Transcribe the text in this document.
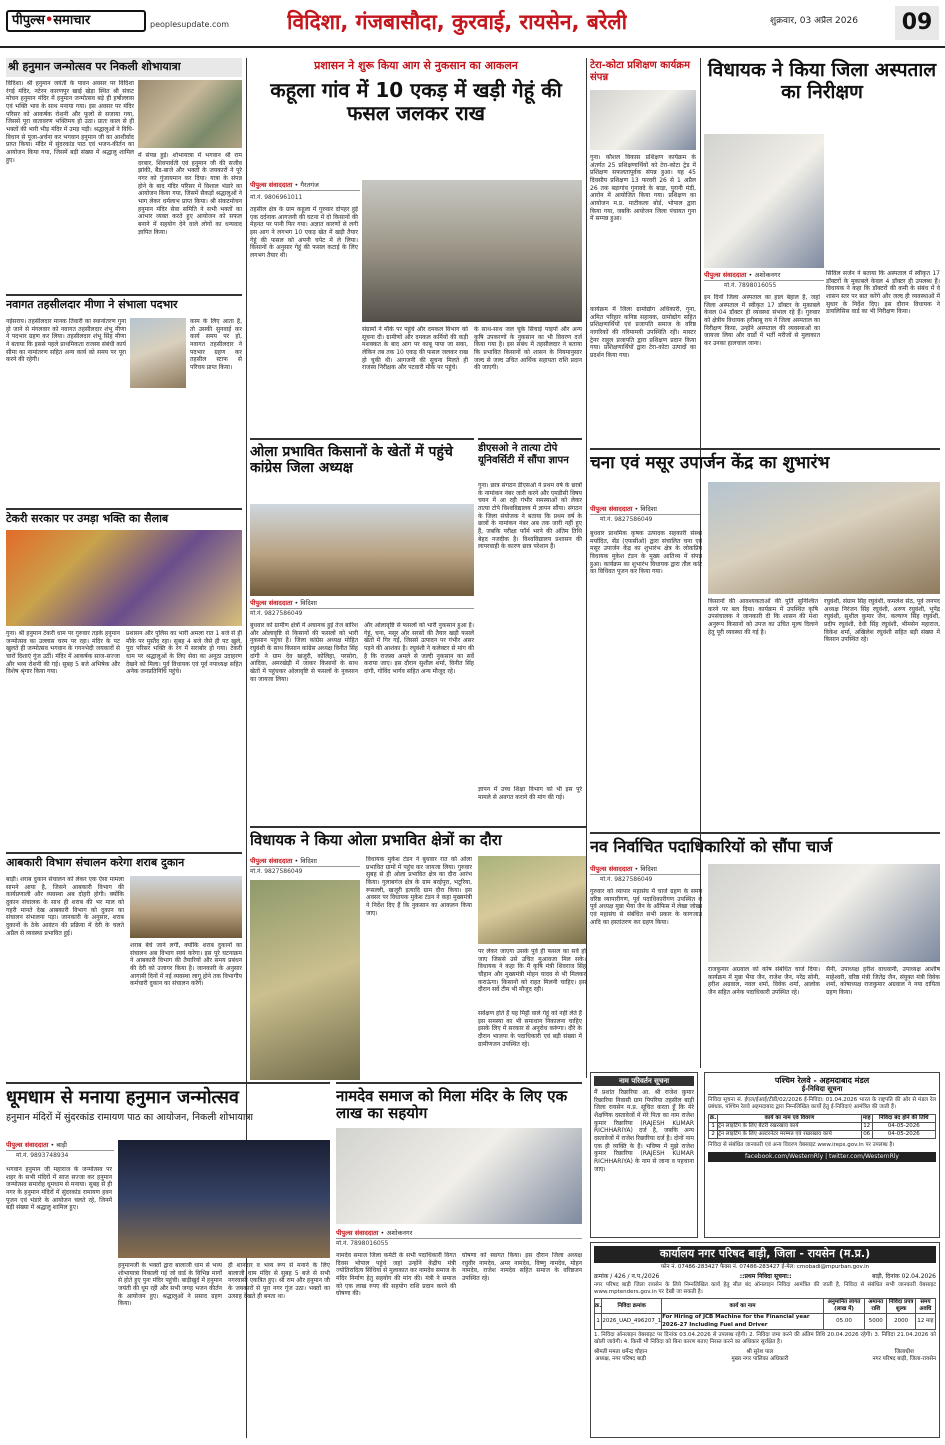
पीपुल्स•समाचार	peoplesupdate.com	विदिशा, गंजबासौदा, कुरवाई, रायसेन, बरेली	शुक्रवार, 03 अप्रैल 2026	09
श्री हनुमान जन्मोत्सव पर निकली शोभायात्रा
विदिशा। श्री हनुमान जयंती के पावन अवसर पर विदिशा रंगई मंदिर, नटेरन कारणपुर खाई खेड़ा स्थित श्री संकट मोचन हनुमान मंदिर में हनुमान जन्मोत्सव बड़े ही हर्षोल्लास एवं भक्ति भाव के साथ मनाया गया। इस अवसर पर मंदिर परिसर को आकर्षक रोशनी और फूलों से सजाया गया, जिससे पूरा वातावरण भक्तिमय हो उठा। प्रातः काल से ही भक्तों की भारी भीड़ मंदिर में उमड़ पड़ी। श्रद्धालुओं ने विधि-विधान से पूजा-अर्चना कर भगवान हनुमान जी का आशीर्वाद प्राप्त किया। मंदिर में सुंदरकांड पाठ एवं भजन-कीर्तन का आयोजन किया गया, जिसमें बड़ी संख्या में श्रद्धालु शामिल हुए।
में संपन्न हुई। शोभायात्रा में भगवान श्री राम दरबार, शिवपार्वती एवं हनुमान जी की सजीव झांकी, बैंड-बाजे और भक्तों के जयकारों ने पूरे नगर को गुंजायमान कर दिया। यात्रा के संपन्न होने के बाद मंदिर परिसर में विशाल भंडारे का आयोजन किया गया, जिसमें सैकड़ों श्रद्धालुओं ने भाग लेकर धर्मलाभ प्राप्त किया। श्री संकटमोचन हनुमान मंदिर सेवा समिति ने सभी भक्तों का आभार व्यक्त करते हुए आयोजन को सफल बनाने में सहयोग देने वाले लोगों का धन्यवाद ज्ञापित किया।
नवागत तहसीलदार मीणा ने संभाला पदभार
नईसराय। तहसीलदार मानक तिवारी का स्थानांतरण गुना हो जाने से मंगलवार को नवागत तहसीलदार शंभू मीणा ने पदभार ग्रहण कर लिया। तहसीलदार शंभू सिंह मीणा ने बताया कि इससे पहले प्राथमिकता राजस्व संबंधी कार्य सीमा का नामांतरण सहित अन्य कार्य को समय पर पूरा करने की रहेगी।
काम के लिए आता है, तो उसकी सुनवाई कर कार्य समय पर हो, नवागत तहसीलदार ने पदभार ग्रहण कर तहसील स्टाफ से परिचय प्राप्त किया।
टेकरी सरकार पर उमड़ा भक्ति का सैलाब
गुना। श्री हनुमान टेकरी धाम पर गुरुवार तड़के हनुमान जन्मोत्सव का उल्लास चरम पर रहा। मंदिर के पट खुलते ही जन्मोत्सव भगवान के गगनभेदी जयकारों से चारों दिशाएं गूंज उठीं। मंदिर में आकर्षक साज-सज्जा और भव्य रोशनी की गई। सुबह 5 बजे अभिषेक और विशेष श्रृंगार किया गया।
प्रशासन और पुलिस का भारी अमला रात 1 बजे से ही मौके पर मुस्तैद रहा। सुबह 4 बजे जैसे ही पट खुले, पूरा परिसर भक्ति के रंग में सराबोर हो गया। टेकरी धाम पर श्रद्धालुओं के लिए सेवा का अनूठा उदाहरण देखने को मिला। पूर्व विधायक एवं पूर्व नपाध्यक्ष सहित अनेक जनप्रतिनिधि पहुंचे।
आबकारी विभाग संचालन करेगा शराब दुकान
बाड़ी। शराब दुकान संचालन को लेकर एक ऐसा मामला सामने आया है, जिसने आबकारी विभाग की कार्यप्रणाली और व्यवस्था अब दोहरी होगी। क्योंकि दुकान संचालक के साथ ही शराब की भर माल को गहरी मानते देख आबकारी विभाग को दुकान का संचालन संभालना पड़ा। जानकारी के अनुसार, शराब दुकानों के ठेके आवंटन की प्रक्रिया में देरी के चलते अप्रैल से व्यवस्था प्रभावित हुई।
शराब बेचे जाने लगी, क्योंकि शराब दुकानों का संचालन अब विभाग स्वयं करेगा। इस पूरे घटनाक्रम ने आबकारी विभाग की तैयारियों और समय प्रबंधन की देरी को उजागर किया है। जानकारी के अनुसार आगामी दिनों में नई व्यवस्था लागू होने तक विभागीय कर्मचारी दुकान का संचालन करेंगे।
प्रशासन ने शुरू किया आग से नुकसान का आकलन
कहूला गांव में 10 एकड़ में खड़ी गेहूं की फसल जलकर राख
पीपुल्स संवाददाता • गैरतगंज
मो.नं. 9806961011
तहसील क्षेत्र के ग्राम कहूला में गुरुवार दोपहर हुई एक दर्दनाक आगजनी की घटना में दो किसानों की मेहनत पर पानी फिर गया। अज्ञात कारणों से लगी इस आग ने लगभग 10 एकड़ खेत में खड़ी तैयार गेहूं की फसल को अपनी चपेट में ले लिया। किसानों के अनुसार गेहूं की फसल कटाई के लिए लगभग तैयार थी।
संग्रामों ने मौके पर पहुंचे और दमकल विभाग को सूचना दी। ग्रामीणों और दमकल कर्मियों की कड़ी मशक्कत के बाद आग पर काबू पाया जा सका, लेकिन तब तक 10 एकड़ की फसल जलकर राख हो चुकी थी। आगजनी की सूचना मिलते ही राजस्व निरीक्षक और पटवारी मौके पर पहुंचे।
के साथ-साथ जल चुके सिंचाई पाइपों और अन्य कृषि उपकरणों के नुकसान का भी विवरण दर्ज किया गया है। इस संबंध में तहसीलदार ने बताया कि प्रभावित किसानों को शासन के नियमानुसार जल्द से जल्द उचित आर्थिक सहायता राशि प्रदान की जाएगी।
ओला प्रभावित किसानों के खेतों में पहुंचे कांग्रेस जिला अध्यक्ष
पीपुल्स संवाददाता • विदिशा
मो.नं. 9827586049
बुधवार को ग्रामीण क्षेत्रों में अचानक हुई तेज बारिश और ओलावृष्टि से किसानों की फसलों को भारी नुकसान पहुंचा है। जिला कांग्रेस अध्यक्ष मोहित रघुवंशी के साथ किसान कांग्रेस अध्यक्ष विनीत सिंह दांगी ने ग्राम देव खजूरी, कोलिहा, परसोरा, आदिवा, अमरखेड़ी में जाकर किसानों के साथ खेतों में पहुंचकर ओलावृष्टि से फसलों के नुकसान का जायजा लिया।
और ओलावृष्टि से फसलों को भारी नुकसान हुआ है। गेहूं, चना, मसूर और सरसों की तैयार खड़ी फसलें खेतों में गिर गईं, जिससे उत्पादन पर गंभीर असर पड़ने की आशंका है। रघुवंशी ने कलेक्टर से मांग की है कि राजस्व अमले से जल्दी नुकसान का सर्वे कराया जाए। इस दौरान सुशील शर्मा, विनीत सिंह दांगी, गोविंद भार्गव सहित अन्य मौजूद रहे।
डीएसओ ने तात्या टोपे यूनिवर्सिटी में सौंपा ज्ञापन
गुना। छात्र संगठन डीएसओ ने प्रथम वर्ष के छात्रों के नामांकन नंबर जारी करने और एमडीसी विषय चयन में आ रही गंभीर समस्याओं को लेकर तात्या टोपे विश्वविद्यालय में ज्ञापन सौंपा। संगठन के जिला संयोजक ने बताया कि प्रथम वर्ष के छात्रों के नामांकन नंबर अब तक जारी नहीं हुए हैं, जबकि परीक्षा फॉर्म भरने की अंतिम तिथि बेहद नजदीक है। विश्वविद्यालय प्रशासन की लापरवाही के कारण छात्र परेशान हैं।
ज्ञापन में उच्च शिक्षा विभाग को भी इस पूरे मामले से अवगत कराने की मांग की गई।
टेरा-कोटा प्रशिक्षण कार्यक्रम संपन्न
गुना। कौशल विकास प्रशिक्षण कार्यक्रम के अंतर्गत 25 प्रशिक्षणार्थियों को टेरा-कोटा ट्रेड में प्रशिक्षण सफलतापूर्वक संपन्न हुआ। यह 45 दिवसीय प्रशिक्षण 13 फरवरी 26 से 1 अप्रैल 26 तक बड़ागांव गुनावदे के बाड़ा, पुरानी मंडी, आरोन में आयोजित किया गया। प्रशिक्षण का आयोजन म.प्र. माटीकला बोर्ड, भोपाल द्वारा किया गया, जबकि आयोजन जिला पंचायत गुना में सम्पन्न हुआ।
कार्यक्रम में जिला ग्रामोद्योग अधिकारी, गुना, अमित परिहार कनिष्ठ सहायक, ग्रामोद्योग सहित प्रशिक्षणार्थियों एवं प्रजापति समाज के वरिष्ठ नागरिकों की गरिमामयी उपस्थिति रही। मास्टर ट्रेनर राहुल प्रजापति द्वारा प्रशिक्षण प्रदान किया गया। प्रशिक्षणार्थियों द्वारा टेरा-कोटा उत्पादों का प्रदर्शन किया गया।
विधायक ने किया जिला अस्पताल का निरीक्षण
पीपुल्स संवाददाता • अशोकनगर
मो.नं. 7898016055
इन दिनों जिला अस्पताल का हाल बेहाल है, जहां जिला अस्पताल में स्वीकृत 17 डॉक्टर के मुकाबले केवल 04 डॉक्टर ही व्यवस्था संभाल रहे हैं। गुरुवार को क्षेत्रीय विधायक हरीबाबू राय ने जिला अस्पताल का निरीक्षण किया, उन्होंने अस्पताल की व्यवस्थाओं का जायजा लिया और वार्डों में भर्ती मरीजों से मुलाकात कर उनका हालचाल जाना।
सिविल सर्जन ने बताया कि अस्पताल में स्वीकृत 17 डॉक्टरों के मुकाबले केवल 4 डॉक्टर ही उपलब्ध हैं। विधायक ने कहा कि डॉक्टरों की कमी के संबंध में वे शासन स्तर पर बात करेंगे और जल्द ही व्यवस्थाओं में सुधार के निर्देश दिए। इस दौरान विधायक ने डायलिसिस वार्ड का भी निरीक्षण किया।
चना एवं मसूर उपार्जन केंद्र का शुभारंभ
पीपुल्स संवाददाता • विदिशा
मो.नं. 9827586049
बुधवार प्राथमिक कृषक उत्पादक सहकारी संस्था मर्यादित, सेंड (एफसीओ) द्वारा संचालित चना एवं मसूर उपार्जन केंद्र का शुभारंभ क्षेत्र के लोकप्रिय विधायक मुकेश टंडन के मुख्य आतिथ्य में संपन्न हुआ। कार्यक्रम का शुभारंभ विधायक द्वारा तौल कांटे का विधिवत पूजन कर किया गया।
किसानों की आवश्यकताओं की पूर्ति सुनिश्चित करने पर बल दिया। कार्यक्रम में उपस्थित कृषि उपसंचालक ने जानकारी दी कि शासन की मंशा अनुरूप किसानों को उपज का उचित मूल्य दिलाने हेतु पूरी व्यवस्था की गई है।
रघुवंशी, संग्राम सिंह रघुवंशी, कमलेश सेठ, पूर्व जनपद अध्यक्ष निरंजन सिंह रघुवंशी, अरुण रघुवंशी, भूपेंद्र रघुवंशी, सुशील कुमार जैन, कल्याण सिंह रघुवंशी, प्रदीप रघुवंशी, देवी सिंह रघुवंशी, भीमसेन महाराज, विकेश शर्मा, अखिलेश रघुवंशी सहित बड़ी संख्या में किसान उपस्थित रहे।
विधायक ने किया ओला प्रभावित क्षेत्रों का दौरा
पीपुल्स संवाददाता • विदिशा
मो.नं. 9827586049
विधायक मुकेश टंडन ने बुधवार रात को ओला प्रभावित ग्रामों में पहुंच कर जायजा लिया। गुरुवार सुबह से ही ओला प्रभावित क्षेत्र का दौरा आरंभ किया। गुलाबगंज क्षेत्र के ग्राम बरईपुरा, भटूरिया, रूसल्ली, खजूरी इत्यादि ग्राम दौरा किया। इस अवसर पर विधायक मुकेश टंडन ने कहा मुख्यमंत्री ने निर्देश दिए हैं कि नुकसान का आकलन किया जाए।
पर लेकर जाएगा उसके पूर्व ही फसल का सर्वे हो जाए जिससे उसे उचित मुआवजा मिल सके। विधायक ने कहा कि मैं कृषि मंत्री शिवराज सिंह चौहान और मुख्यमंत्री मोहन यादव से भी मिलकर कराऊंगा। किसानों को राहत मिलनी चाहिए। इस दौरान सर्वे टीम भी मौजूद रही।
सर्वेक्षण होते हैं यह मिट्टी वाले गेहूं को नहीं लेते हैं इस समस्या का भी समाधान निकालना चाहिए इसके लिए में सरकार से अनुरोध करूंगा। दौरे के दौरान भाजपा के पदाधिकारी एवं बड़ी संख्या में ग्रामीणजन उपस्थित रहे।
नव निर्वाचित पदाधिकारियों को सौंपा चार्ज
पीपुल्स संवाददाता • विदिशा
मो.नं. 9827586049
गुरुवार को व्यापार महासंघ में चार्ज ग्रहण के समय वरिष्ठ व्यापारीगण, पूर्व पदाधिकारीगण उपस्थित थे पूर्व अध्यक्ष मुन्ना भैया जैन के ऑफिस में लेखा जोखा एवं महासंघ से संबंधित सभी प्रकार के कागजात आदि का हस्तांतरण कर ग्रहण किया।
राजकुमार अग्रवाल को कोष संबंधित चार्ज दिया। कार्यक्रम में मुन्ना भैया जैन, राजेश जैन, नरेंद्र सोनी, हरीश अग्रवाल, नवल शर्मा, विवेक शर्मा, आलोक जैन सहित अनेक पदाधिकारी उपस्थित रहे।
सैनी, उपाध्यक्ष हरीश वाधवानी, उपाध्यक्ष आशीष माहेश्वरी, वरिष्ठ मंत्री जितेंद्र जैन, संयुक्त मंत्री विवेक शर्मा, कोषाध्यक्ष राजकुमार अग्रवाल ने नया दायित्व ग्रहण किया।
धूमधाम से मनाया हनुमान जन्मोत्सव
हनुमान मंदिरों में सुंदरकांड रामायण पाठ का आयोजन, निकली शोभायात्रा
पीपुल्स संवाददाता • बाड़ी
मो.नं. 9893748934
भगवान हनुमान जी महाराज के जन्मोत्सव पर शहर के सभी मंदिरों में साज सज्जा कर हनुमान जन्मोत्सव समारोह धूमधाम से मनाया। सुबह से ही नगर के हनुमान मंदिरों में सुंदरकांड रामायण हवन पूजन एवं भंडारे के आयोजन चलते रहे, जिनमें बड़ी संख्या में श्रद्धालु शामिल हुए।
हनुमानजी के भक्तों द्वारा बालाजी धाम से भव्य शोभायात्रा निकाली गई जो वार्ड के विभिन्न मार्गों से होते हुए पुनः मंदिर पहुंची। बाड़ीखुर्द में हनुमान जयंती की धूम रही और सभी जगह भजन कीर्तन के आयोजन हुए। श्रद्धालुओं ने प्रसाद ग्रहण किया।
ही शानदार व भव्य रूप से मनाने के लिए बालाजी धाम मंदिर से सुबह 5 बजे से सभी नगरवासी एकत्रित हुए। श्री राम और हनुमान जी के जयकारों से पूरा नगर गूंज उठा। भक्तों का उत्साह देखते ही बनता था।
नामदेव समाज को मिला मंदिर के लिए एक लाख का सहयोग
पीपुल्स संवाददाता • अशोकनगर
मो.नं. 7898016055
नामदेव समाज जिला कमेटी के सभी पदाधिकारी विगत दिवस भोपाल पहुंचे जहां उन्होंने केंद्रीय मंत्री ज्योतिरादित्य सिंधिया से मुलाकात कर नामदेव समाज के मंदिर निर्माण हेतु सहयोग की मांग की। मंत्री ने समाज को एक लाख रुपए की सहयोग राशि प्रदान करने की घोषणा की।
घोषणा को स्वागत किया। इस दौरान जिला अध्यक्ष रघुवीर नामदेव, अमर नामदेव, विष्णु नामदेव, मोहन नामदेव, राजेश नामदेव सहित समाज के वरिष्ठजन उपस्थित रहे।
नाम परिवर्तन सूचना
मैं प्रशांत रिछारिया आ. श्री राजेश कुमार रिछारिया निवासी ग्राम पिपरिया तहसील बाड़ी जिला रायसेन म.प्र. सूचित करता हूँ कि मेरे शैक्षणिक दस्तावेजों में मेरे पिता का नाम राजेश कुमार रिछारिया (RAJESH KUMAR RICHHARIYA) दर्ज है, जबकि अन्य दस्तावेजों में राजेश रिछारिया दर्ज है। दोनों नाम एक ही व्यक्ति के हैं। भविष्य में मुझे राजेश कुमार रिछारिया (RAJESH KUMAR RICHHARIYA) के नाम से जाना व पहचाना जाए।
पश्चिम रेलवे - अहमदाबाद मंडल
ई-निविदा सूचना
निविदा सूचना सं. ईएल/ईआई/टीडी/02/2026 ई-निविदा: 01.04.2026 भारत के राष्ट्रपति की ओर से मंडल रेल प्रबंधक, पश्चिम रेलवे अहमदाबाद द्वारा निम्नलिखित कार्यों हेतु ई-निविदाएं आमंत्रित की जाती हैं।
क्र.	कार्य का नाम एवं विवरण	माह	निविदा बंद होने की तिथि
1	ट्रेन लाइटिंग के लिए बैटरी रखरखाव कार्य	12	04-05-2026
2	ट्रेन लाइटिंग के लिए अल्टरनेटर मरम्मत एवं रखरखाव कार्य	06	04-05-2026
निविदा से संबंधित जानकारी एवं अन्य विवरण वेबसाइट www.ireps.gov.in पर उपलब्ध है।
facebook.com/WesternRly | twitter.com/WesternRly
कार्यालय नगर परिषद बाड़ी, जिला - रायसेन (म.प्र.)
फोन नं. 07486-283427 फैक्स नं. 07486-283427 ई-मेल: cmobadi@mpurban.gov.in
क्रमांक / 426 / न.प./2026	::प्रथम निविदा सूचना::	बाड़ी, दिनांक 02.04.2026
नगर परिषद बाड़ी जिला रायसेन के लिये निम्नलिखित कार्य हेतु सील बंद ऑनलाइन निविदा आमंत्रित की जाती है, निविदा से संबंधित सभी जानकारी वेबसाइट www.mptenders.gov.in पर देखी जा सकती है।
क्र.	निविदा क्रमांक	कार्य का नाम	अनुमानित लागत (लाख में)	अमानत राशि	निविदा प्रपत्र शुल्क	समय अवधि
1	2026_UAD_496207_1	For Hiring of JCB Machine for the Financial year 2026-27 Including Fuel and Driver	05.00	5000	2000	12 माह
1. निविदा ऑनलाइन वेबसाइट पर दिनांक 03.04.2026 से उपलब्ध रहेगी। 2. निविदा जमा करने की अंतिम तिथि 20.04.2026 रहेगी। 3. निविदा 21.04.2026 को खोली जावेगी। 4. किसी भी निविदा को बिना कारण बताए निरस्त करने का अधिकार सुरक्षित है।
श्रीमती ममता धर्मेन्द्र चौहान
अध्यक्ष, नगर परिषद बाड़ी
श्री सुरेश पाल
मुख्य नगर पालिका अधिकारी
जिलाधीश
नगर परिषद बाड़ी, जिला-रायसेन
